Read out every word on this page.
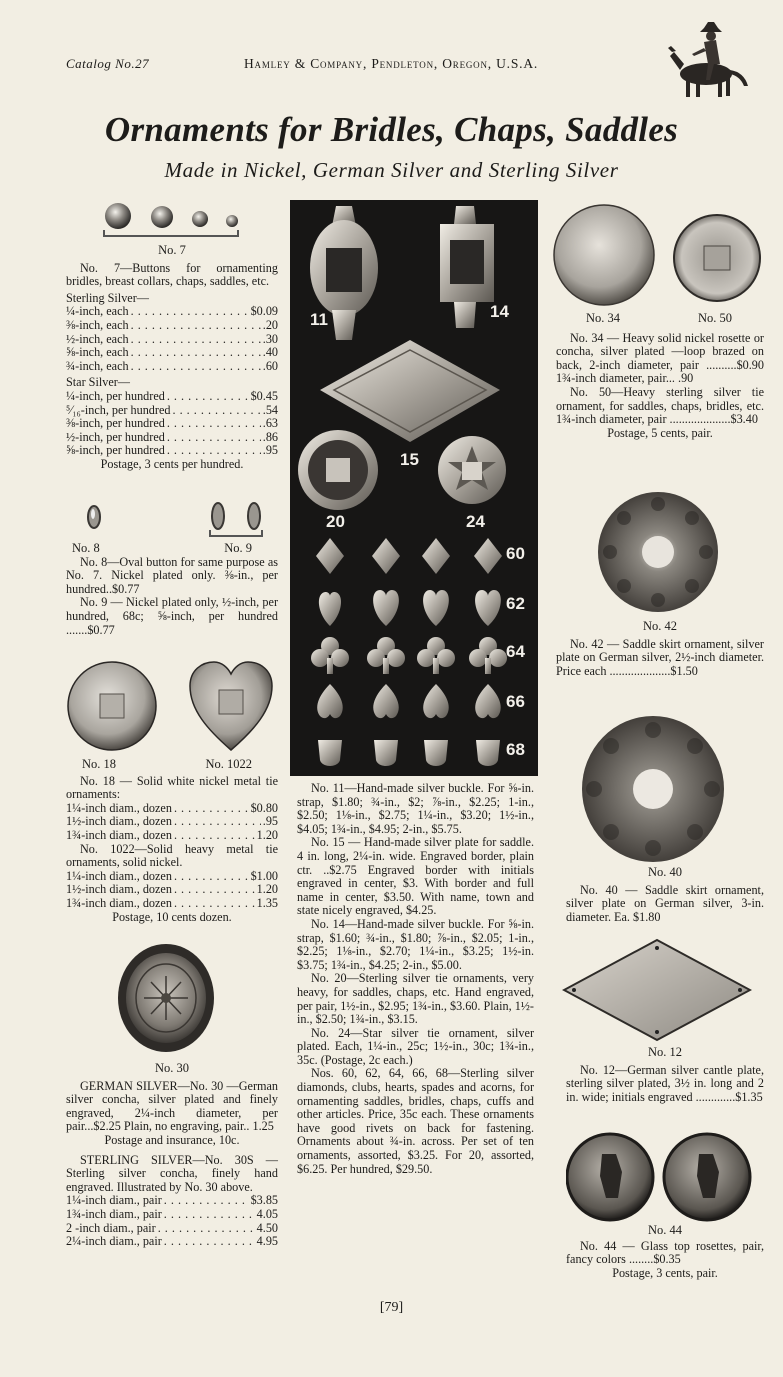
Catalog No.27	Hamley & Company, Pendleton, Oregon, U.S.A.
Ornaments for Bridles, Chaps, Saddles
Made in Nickel, German Silver and Sterling Silver
No. 7
No. 7—Buttons for ornamenting bridles, breast collars, chaps, saddles, etc.
Sterling Silver—
¼-inch, each . . .	$0.09
⅜-inch, each . . .	.20
½-inch, each . . .	.30
⅝-inch, each . . .	.40
¾-inch, each . . .	.60
Star Silver—
¼-inch, per hundred . . .	$0.45
⁵⁄₁₆-inch, per hundred . . .	.54
⅜-inch, per hundred . . .	.63
½-inch, per hundred . . .	.86
⅝-inch, per hundred . . .	.95
Postage, 3 cents per hundred.
No. 8	No. 9
No. 8—Oval button for same purpose as No. 7. Nickel plated only. ⅜-in., per hundred..$0.77
No. 9 — Nickel plated only, ½-inch, per hundred, 68c; ⅝-inch, per hundred .......$0.77
No. 18	No. 1022
No. 18 — Solid white nickel metal tie ornaments:
1¼-inch diam., dozen . . .	$0.80
1½-inch diam., dozen . . .	.95
1¾-inch diam., dozen . . .	1.20
No. 1022—Solid heavy metal tie ornaments, solid nickel.
1¼-inch diam., dozen . . .	$1.00
1½-inch diam., dozen . . .	1.20
1¾-inch diam., dozen . . .	1.35
Postage, 10 cents dozen.
No. 30
GERMAN SILVER—No. 30 —German silver concha, silver plated and finely engraved, 2¼-inch diameter, per pair...$2.25 Plain, no engraving, pair.. 1.25
Postage and insurance, 10c.
STERLING SILVER—No. 30S — Sterling silver concha, finely hand engraved. Illustrated by No. 30 above.
1¼-inch diam., pair . . .	$3.85
1¾-inch diam., pair . . .	4.05
2 -inch diam., pair . . .	4.50
2¼-inch diam., pair . . .	4.95
11	14
15
20	24
60
62
64
66
68
No. 11—Hand-made silver buckle. For ⅝-in. strap, $1.80; ¾-in., $2; ⅞-in., $2.25; 1-in., $2.50; 1⅛-in., $2.75; 1¼-in., $3.20; 1½-in., $4.05; 1¾-in., $4.95; 2-in., $5.75.
No. 15 — Hand-made silver plate for saddle. 4 in. long, 2¼-in. wide. Engraved border, plain ctr. ..$2.75 Engraved border with initials engraved in center, $3. With border and full name in center, $3.50. With name, town and state nicely engraved, $4.25.
No. 14—Hand-made silver buckle. For ⅝-in. strap, $1.60; ¾-in., $1.80; ⅞-in., $2.05; 1-in., $2.25; 1⅛-in., $2.70; 1¼-in., $3.25; 1½-in. $3.75; 1¾-in., $4.25; 2-in., $5.00.
No. 20—Sterling silver tie ornaments, very heavy, for saddles, chaps, etc. Hand engraved, per pair, 1½-in., $2.95; 1¾-in., $3.60. Plain, 1½-in., $2.50; 1¾-in., $3.15.
No. 24—Star silver tie ornament, silver plated. Each, 1¼-in., 25c; 1½-in., 30c; 1¾-in., 35c. (Postage, 2c each.)
Nos. 60, 62, 64, 66, 68—Sterling silver diamonds, clubs, hearts, spades and acorns, for ornamenting saddles, bridles, chaps, cuffs and other articles. Price, 35c each. These ornaments have good rivets on back for fastening. Ornaments about ¾-in. across. Per set of ten ornaments, assorted, $3.25. For 20, assorted, $6.25. Per hundred, $29.50.
No. 34	No. 50
No. 34 — Heavy solid nickel rosette or concha, silver plated —loop brazed on back, 2-inch diameter, pair ..........$0.90 1¾-inch diameter, pair... .90
No. 50—Heavy sterling silver tie ornament, for saddles, chaps, bridles, etc. 1¾-inch diameter, pair ....................$3.40
Postage, 5 cents, pair.
No. 42
No. 42 — Saddle skirt ornament, silver plate on German silver, 2½-inch diameter. Price each ....................$1.50
No. 40
No. 40 — Saddle skirt ornament, silver plate on German silver, 3-in. diameter. Ea. $1.80
No. 12
No. 12—German silver cantle plate, sterling silver plated, 3½ in. long and 2 in. wide; initials engraved .............$1.35
No. 44
No. 44 — Glass top rosettes, pair, fancy colors ........$0.35
Postage, 3 cents, pair.
[79]
